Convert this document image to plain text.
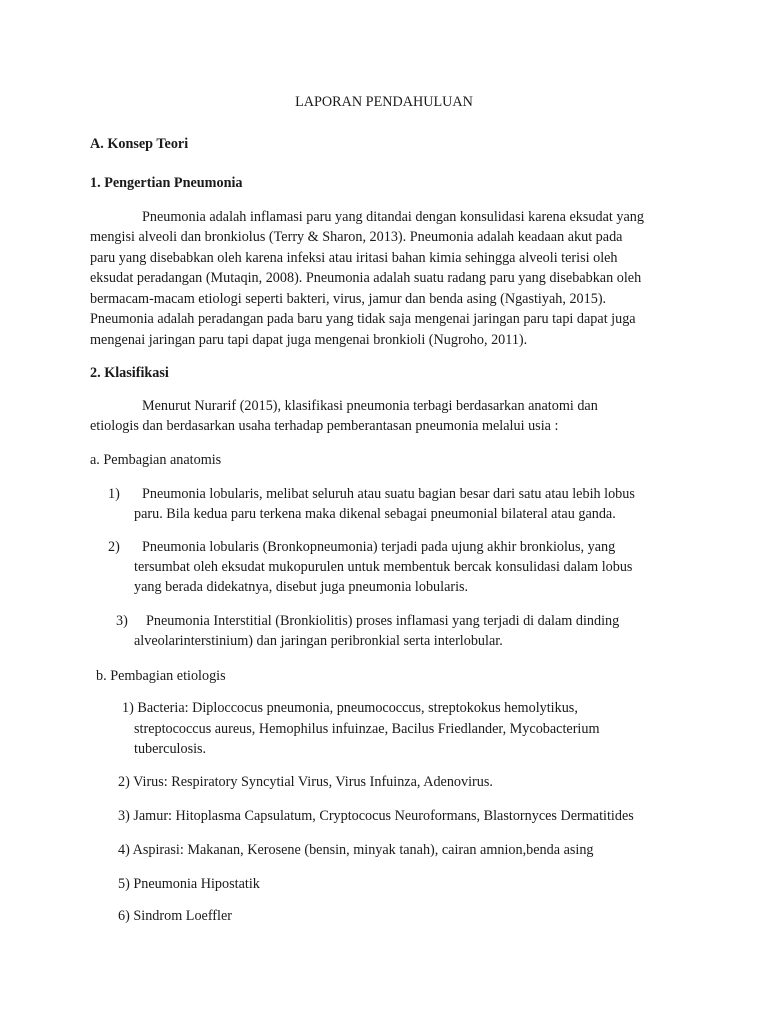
LAPORAN PENDAHULUAN
A. Konsep Teori
1. Pengertian Pneumonia
Pneumonia adalah inflamasi paru yang ditandai dengan konsulidasi karena eksudat yang
mengisi alveoli dan bronkiolus (Terry & Sharon, 2013). Pneumonia adalah keadaan akut pada
paru yang disebabkan oleh karena infeksi atau iritasi bahan kimia sehingga alveoli terisi oleh
eksudat peradangan (Mutaqin, 2008). Pneumonia adalah suatu radang paru yang disebabkan oleh
bermacam-macam etiologi seperti bakteri, virus, jamur dan benda asing (Ngastiyah, 2015).
Pneumonia adalah peradangan pada baru yang tidak saja mengenai jaringan paru tapi dapat juga
mengenai jaringan paru tapi dapat juga mengenai bronkioli (Nugroho, 2011).
2. Klasifikasi
Menurut Nurarif (2015), klasifikasi pneumonia terbagi berdasarkan anatomi dan
etiologis dan berdasarkan usaha terhadap pemberantasan pneumonia melalui usia :
a. Pembagian anatomis
1) Pneumonia lobularis, melibat seluruh atau suatu bagian besar dari satu atau lebih lobus
paru. Bila kedua paru terkena maka dikenal sebagai pneumonial bilateral atau ganda.
2) Pneumonia lobularis (Bronkopneumonia) terjadi pada ujung akhir bronkiolus, yang
tersumbat oleh eksudat mukopurulen untuk membentuk bercak konsulidasi dalam lobus
yang berada didekatnya, disebut juga pneumonia lobularis.
3) Pneumonia Interstitial (Bronkiolitis) proses inflamasi yang terjadi di dalam dinding
alveolarinterstinium) dan jaringan peribronkial serta interlobular.
b. Pembagian etiologis
1) Bacteria: Diploccocus pneumonia, pneumococcus, streptokokus hemolytikus,
streptococcus aureus, Hemophilus infuinzae, Bacilus Friedlander, Mycobacterium
tuberculosis.
2) Virus: Respiratory Syncytial Virus, Virus Infuinza, Adenovirus.
3) Jamur: Hitoplasma Capsulatum, Cryptococus Neuroformans, Blastornyces Dermatitides
4) Aspirasi: Makanan, Kerosene (bensin, minyak tanah), cairan amnion,benda asing
5) Pneumonia Hipostatik
6) Sindrom Loeffler
